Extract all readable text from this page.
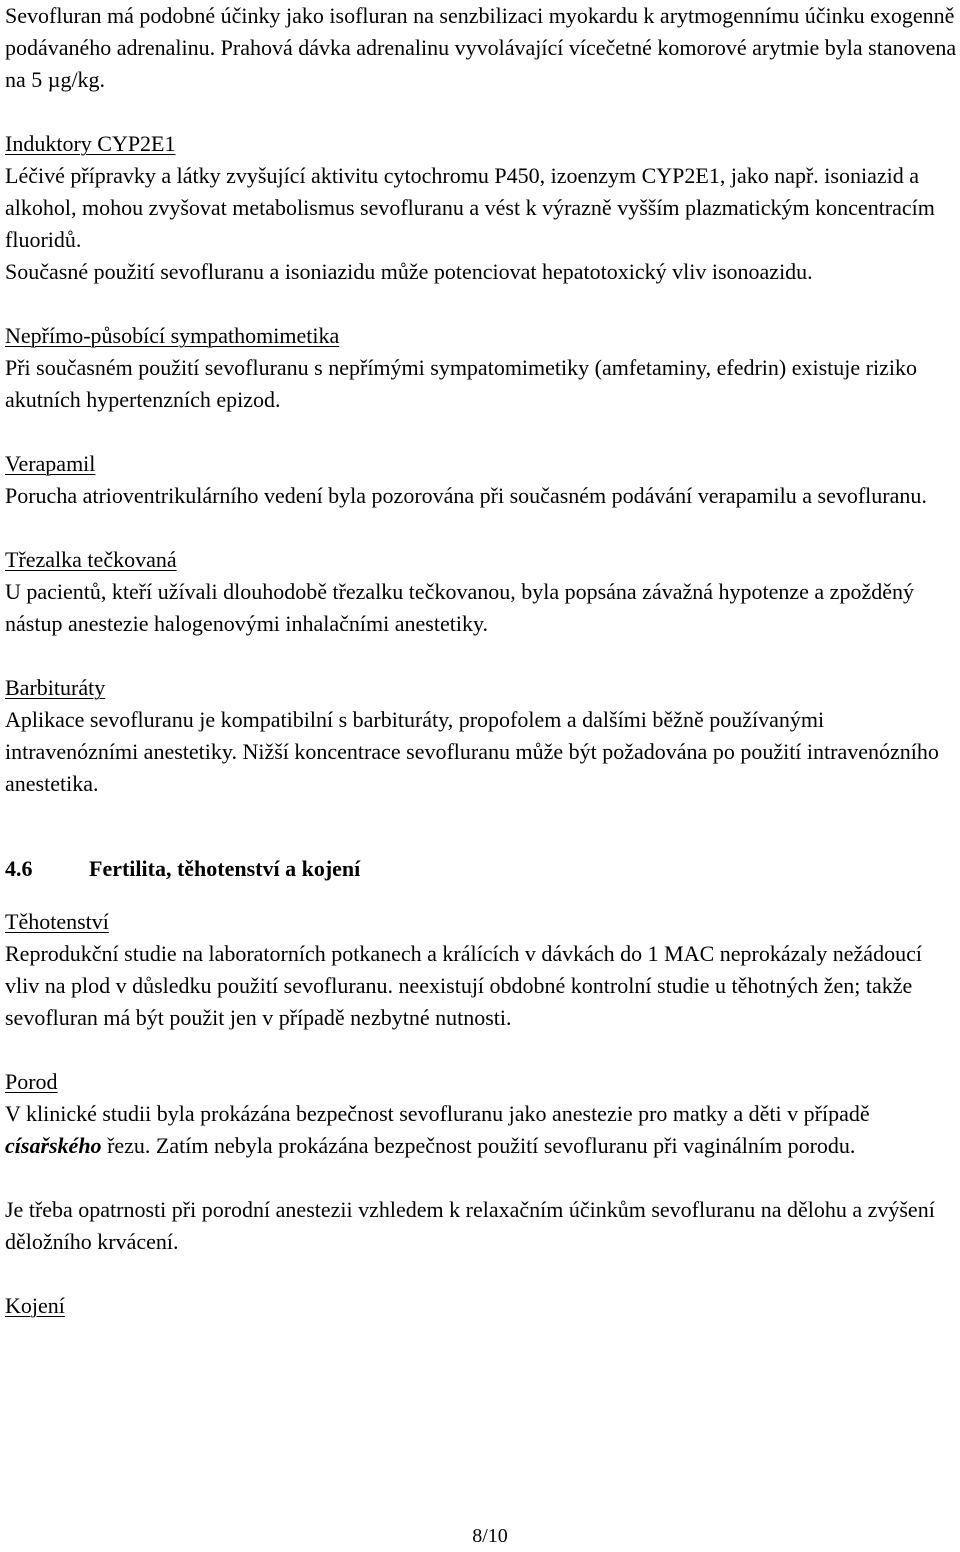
Sevofluran má podobné účinky jako isofluran na senzbilizaci myokardu k arytmogennímu účinku exogenně podávaného adrenalinu. Prahová dávka adrenalinu vyvolávající vícečetné komorové arytmie byla stanovena na 5 µg/kg.

Induktory CYP2E1

Léčivé přípravky a látky zvyšující aktivitu cytochromu P450, izoenzym CYP2E1, jako např. isoniazid a alkohol, mohou zvyšovat metabolismus sevofluranu a vést k výrazně vyšším plazmatickým koncentracím fluoridů.

Současné použití sevofluranu a isoniazidu může potenciovat hepatotoxický vliv isonoazidu.

Nepřímo-působící sympathomimetika

Při současném použití sevofluranu s nepřímými sympatomimetiky (amfetaminy, efedrin) existuje riziko akutních hypertenzních epizod.

Verapamil

Porucha atrioventrikulárního vedení byla pozorována při současném podávání verapamilu a sevofluranu.

Třezalka tečkovaná

U pacientů, kteří užívali dlouhodobě třezalku tečkovanou, byla popsána závažná hypotenze a zpožděný nástup anestezie halogenovými inhalačními anestetiky.

Barbituráty

Aplikace sevofluranu je kompatibilní s barbituráty, propofolem a dalšími běžně používanými intravenózními anestetiky. Nižší koncentrace sevofluranu může být požadována po použití intravenózního anestetika.

4.6	Fertilita, těhotenství a kojení

Těhotenství

Reprodukční studie na laboratorních potkanech a králících v dávkách do 1 MAC neprokázaly nežádoucí vliv na plod v důsledku použití sevofluranu. neexistují obdobné kontrolní studie u těhotných žen; takže sevofluran má být použit jen v případě nezbytné nutnosti.

Porod

V klinické studii byla prokázána bezpečnost sevofluranu jako anestezie pro matky a děti v případě císařského řezu. Zatím nebyla prokázána bezpečnost použití sevofluranu při vaginálním porodu.

Je třeba opatrnosti při porodní anestezii vzhledem k relaxačním účinkům sevofluranu na dělohu a zvýšení děložního krvácení.

Kojení

8/10
